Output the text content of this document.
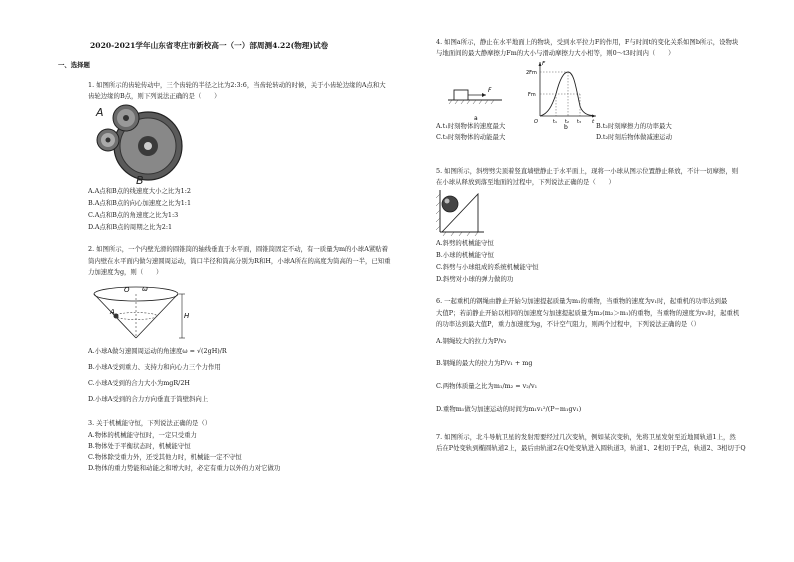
2020-2021学年山东省枣庄市新校高一（一）部周测4.22(物理)试卷
一、选择题
1. 如图所示的齿轮传动中，三个齿轮的半径之比为2:3:6，当齿轮转动的时候，关于小齿轮边缘的A点和大
齿轮边缘的B点，则下列说法正确的是（　　）
A
B
A.A点和B点的线速度大小之比为1:2
B.A点和B点的向心加速度之比为1:1
C.A点和B点的角速度之比为1:3
D.A点和B点的周期之比为2:1
2. 如图所示，一个内壁光滑的圆锥筒的轴线垂直于水平面，圆锥筒固定不动，有一质量为m的小球A紧贴着
筒内壁在水平面内做匀速圆周运动，筒口半径和筒高分别为R和H，小球A所在的高度为筒高的一半，已知重
力加速度为g，则（　　）
O ω
A	H
A.小球A做匀速圆周运动的角速度ω = √(2gH)/R
B.小球A受到重力、支持力和向心力三个力作用
C.小球A受到的合力大小为mgR/2H
D.小球A受到的合力方向垂直于筒壁斜向上
3. 关于机械能守恒，下列说法正确的是（）
A.物体的机械能守恒时，一定只受重力
B.物体处于平衡状态时，机械能守恒
C.物体除受重力外，还受其他力时，机械能一定不守恒
D.物体的重力势能和动能之和增大时，必定有重力以外的力对它做功
4. 如图a所示，静止在水平地面上的物块，受到水平拉力F的作用，F与时间t的变化关系如图b所示，设物块
与地面间的最大静摩擦力Fm的大小与滑动摩擦力大小相等，则0～t3时间内（　　）
F
a
F
2Fm
Fm
O	t₁ t₂ t₃ t
b
A.t₁时刻物体的速度最大	B.t₂时刻摩擦力的功率最大
C.t₃时刻物体的动能最大	D.t₂时刻后物体做减速运动
5. 如图所示，斜劈劈尖顶着竖直墙壁静止于水平面上，现将一小球从图示位置静止释放，不计一切摩擦，则
在小球从释放到落至地面的过程中，下列说法正确的是（　　）
A.斜劈的机械能守恒
B.小球的机械能守恒
C.斜劈与小球组成的系统机械能守恒
D.斜劈对小球的弹力做的功
6. 一起重机的钢绳由静止开始匀加速提起质量为m₁的重物，当重物的速度为v₁时，起重机的功率达到最
大值P；若前静止开始以相同的加速度匀加速提起质量为m₂(m₂＞m₁)的重物，当重物的速度为v₂时，起重机
的功率达到最大值P，重力加速度为g，不计空气阻力，则两个过程中，下列说法正确的是（）
A.钢绳较大的拉力为P/v₂
B.钢绳的最大的拉力为P/v₁ + mg
C.两物体质量之比为m₁/m₂ = v₂/v₁
D.重物m₁做匀加速运动的时间为m₁v₁²/(P−m₁gv₁)
7. 如图所示，北斗导航卫星的发射需要经过几次变轨，例如某次变轨，先将卫星发射至近地圆轨道1上，然
后在P处变轨到椭圆轨道2上，最后由轨道2在Q处变轨进入圆轨道3，轨道1、2相切于P点，轨道2、3相切于Q
